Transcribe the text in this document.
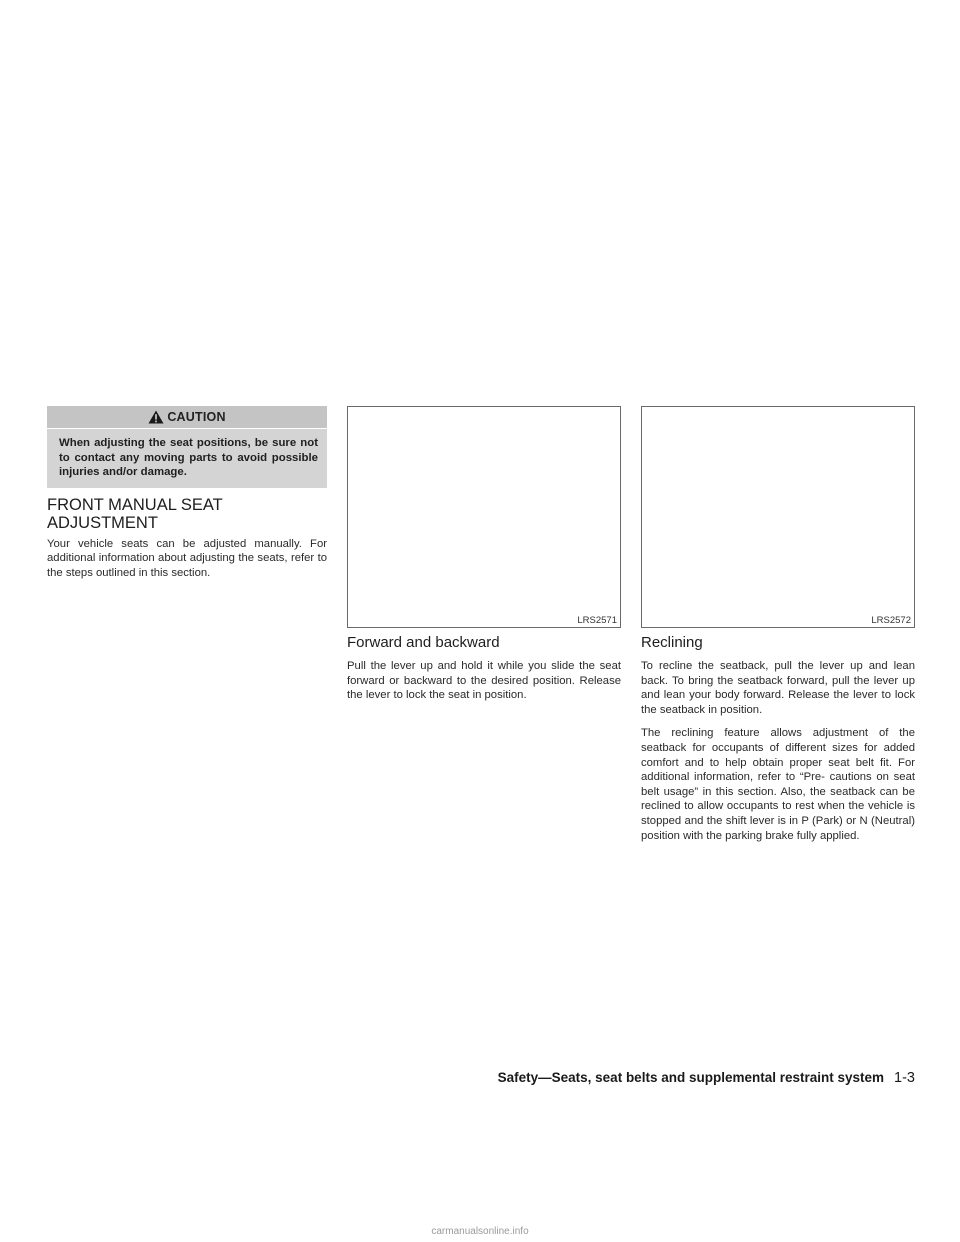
CAUTION
When adjusting the seat positions, be sure not to contact any moving parts to avoid possible injuries and/or damage.
FRONT MANUAL SEAT
ADJUSTMENT

Your vehicle seats can be adjusted manually. For additional information about adjusting the seats, refer to the steps outlined in this section.

LRS2571
Forward and backward

Pull the lever up and hold it while you slide the seat forward or backward to the desired position. Release the lever to lock the seat in position.

LRS2572
Reclining

To recline the seatback, pull the lever up and lean back. To bring the seatback forward, pull the lever up and lean your body forward. Release the lever to lock the seatback in position.

The reclining feature allows adjustment of the seatback for occupants of different sizes for added comfort and to help obtain proper seat belt fit. For additional information, refer to “Pre- cautions on seat belt usage” in this section. Also, the seatback can be reclined to allow occupants to rest when the vehicle is stopped and the shift lever is in P (Park) or N (Neutral) position with the parking brake fully applied.

Safety—Seats, seat belts and supplemental restraint system 1-3
carmanualsonline.info
